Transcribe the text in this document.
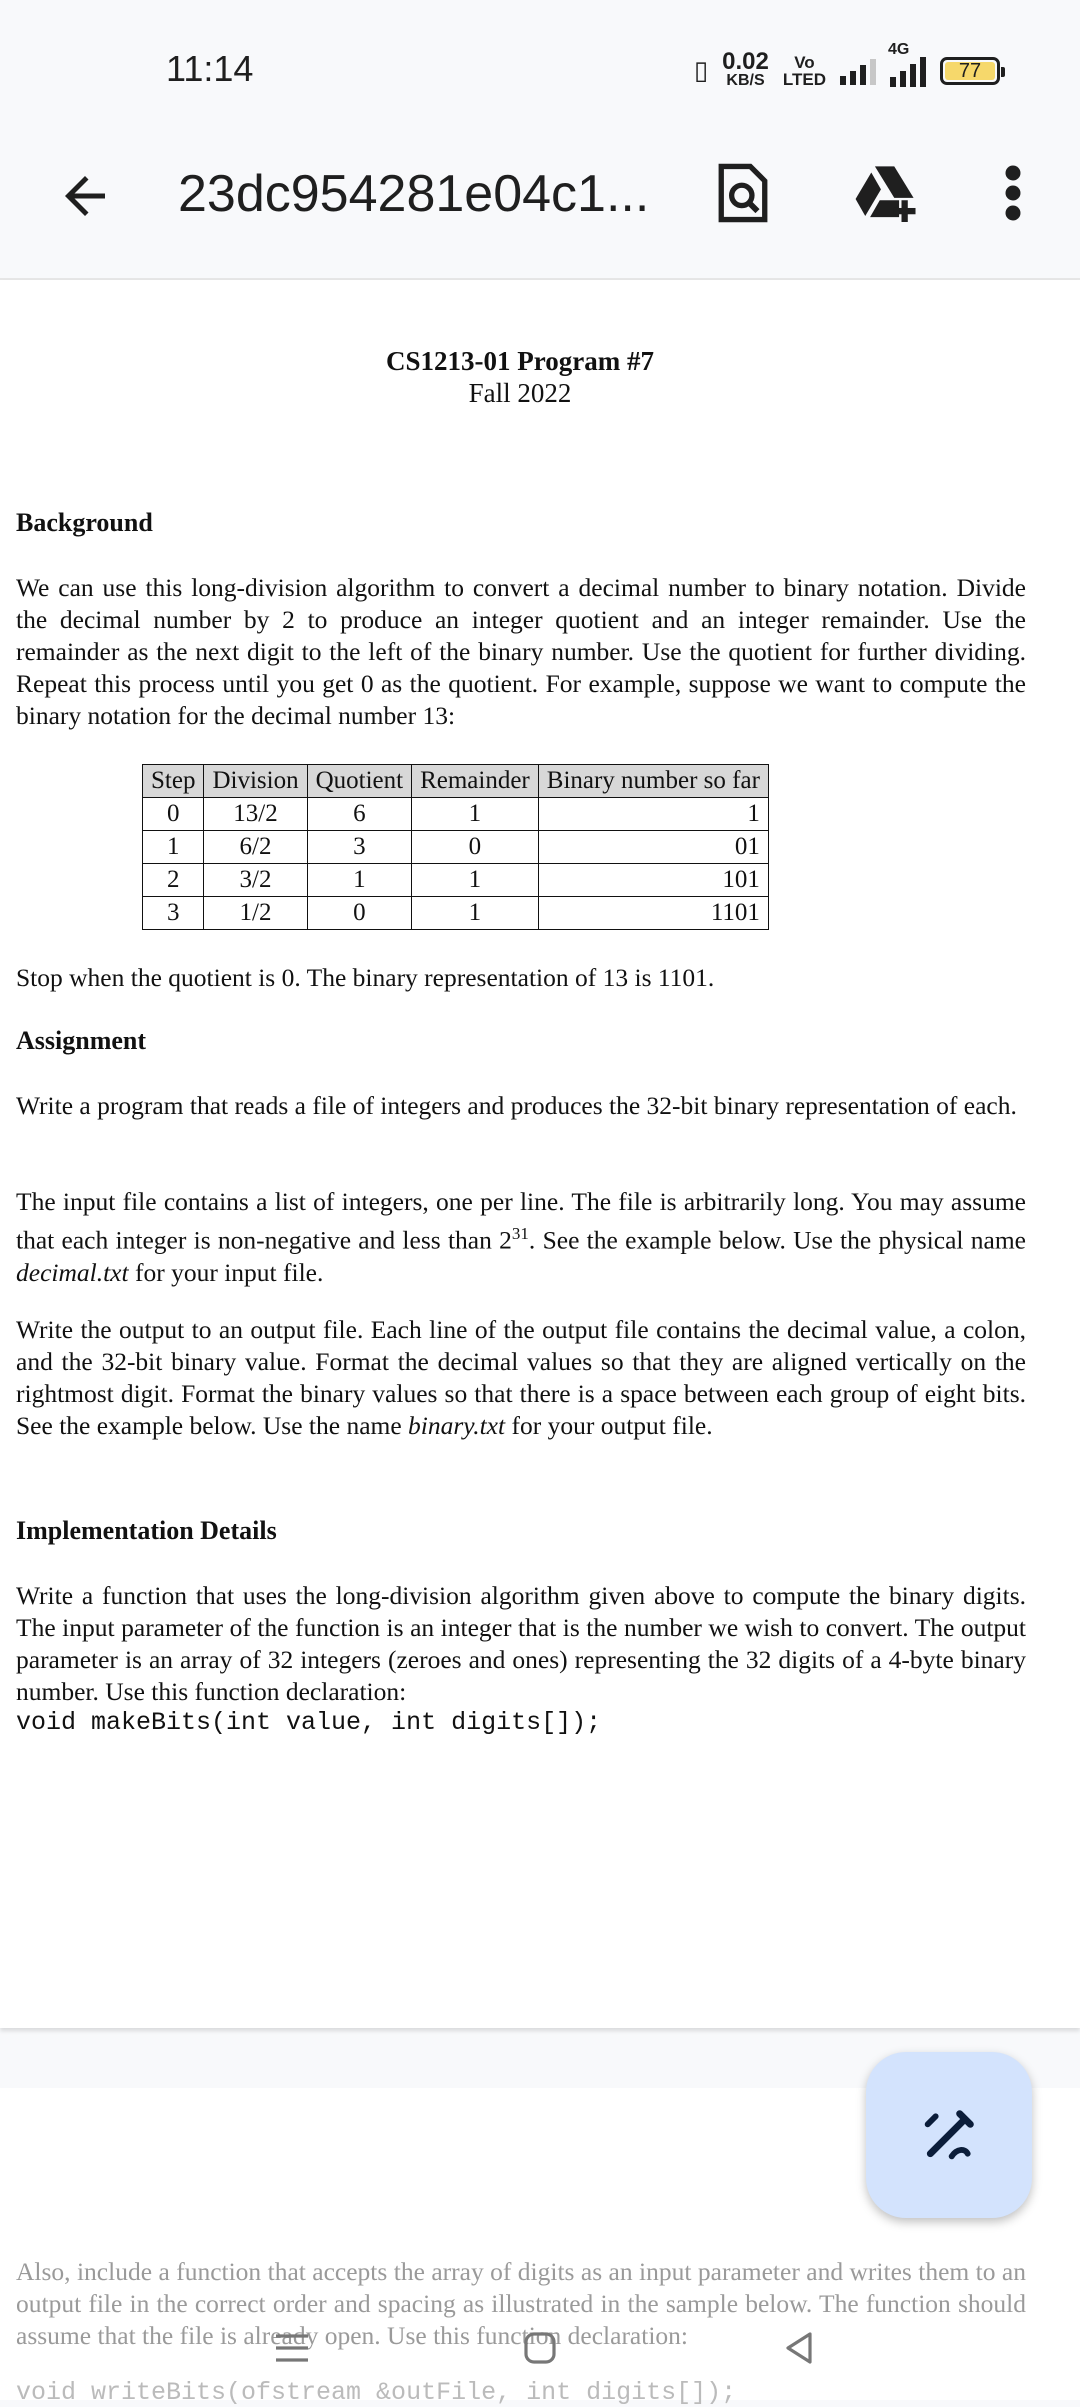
11:14	▯ 0.02
KB/S
Vo
LTED
4G
77
23dc954281e04c1...
CS1213-01 Program #7
Fall 2022
Background
We can use this long-division algorithm to convert a decimal number to binary notation. Divide the decimal number by 2 to produce an integer quotient and an integer remainder. Use the remainder as the next digit to the left of the binary number. Use the quotient for further dividing. Repeat this process until you get 0 as the quotient. For example, suppose we want to compute the binary notation for the decimal number 13:
Step	Division	Quotient	Remainder	Binary number so far
0	13/2	6	1	1
1	6/2	3	0	01
2	3/2	1	1	101
3	1/2	0	1	1101
Stop when the quotient is 0. The binary representation of 13 is 1101.
Assignment
Write a program that reads a file of integers and produces the 32-bit binary representation of each.
The input file contains a list of integers, one per line. The file is arbitrarily long. You may assume that each integer is non-negative and less than $2^{31}$. See the example below. Use the physical name decimal.txt for your input file.
Write the output to an output file. Each line of the output file contains the decimal value, a colon, and the 32-bit binary value. Format the decimal values so that they are aligned vertically on the rightmost digit. Format the binary values so that there is a space between each group of eight bits. See the example below. Use the name binary.txt for your output file.
Implementation Details
Write a function that uses the long-division algorithm given above to compute the binary digits. The input parameter of the function is an integer that is the number we wish to convert. The output parameter is an array of 32 integers (zeroes and ones) representing the 32 digits of a 4-byte binary number. Use this function declaration:
void makeBits(int value, int digits[]);
Also, include a function that accepts the array of digits as an input parameter and writes them to an output file in the correct order and spacing as illustrated in the sample below. The function should assume that the file is already open. Use this function declaration:
void writeBits(ofstream &outFile, int digits[]);
